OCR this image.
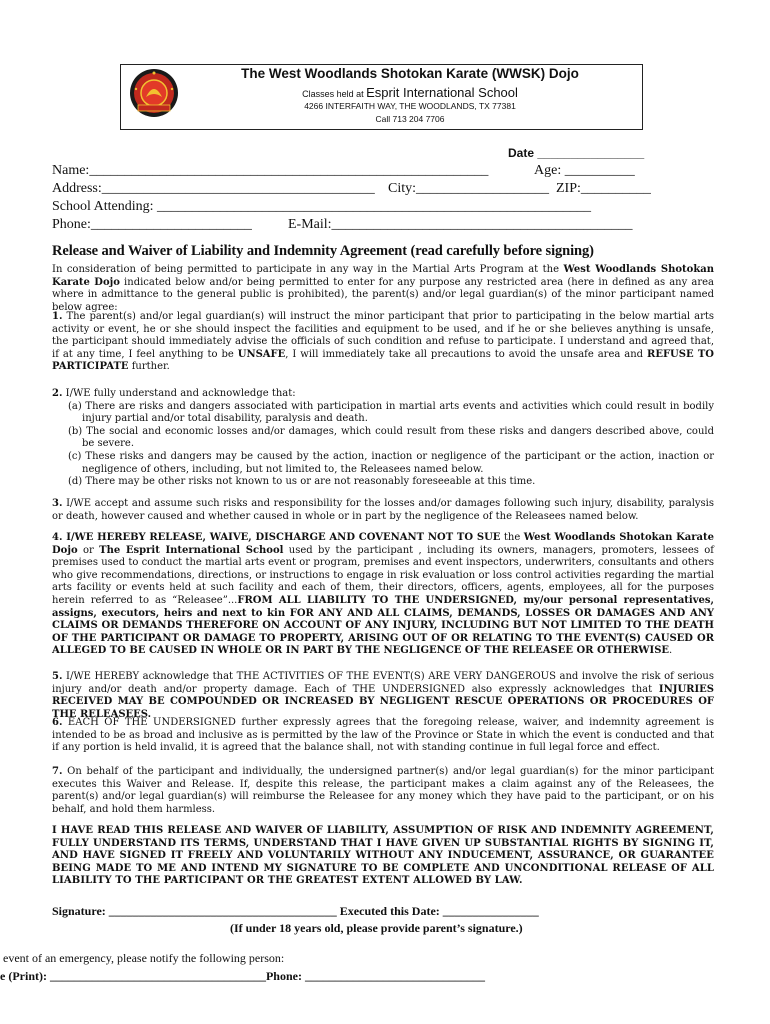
The West Woodlands Shotokan Karate (WWSK) Dojo
Classes held at Esprit International School
4266 INTERFAITH WAY, THE WOODLANDS, TX 77381
Call 713 204 7706
Date ________________
Name:_________________________________________________________	Age: __________
Address:_______________________________________ City:___________________ ZIP:__________
School Attending: ______________________________________________________________
Phone:_______________________	E-Mail:___________________________________________
Release and Waiver of Liability and Indemnity Agreement (read carefully before signing)
In consideration of being permitted to participate in any way in the Martial Arts Program at the West Woodlands Shotokan Karate Dojo indicated below and/or being permitted to enter for any purpose any restricted area (here in defined as any area where in admittance to the general public is prohibited), the parent(s) and/or legal guardian(s) of the minor participant named below agree:
1. The parent(s) and/or legal guardian(s) will instruct the minor participant that prior to participating in the below martial arts activity or event, he or she should inspect the facilities and equipment to be used, and if he or she believes anything is unsafe, the participant should immediately advise the officials of such condition and refuse to participate. I understand and agreed that, if at any time, I feel anything to be UNSAFE, I will immediately take all precautions to avoid the unsafe area and REFUSE TO PARTICIPATE further.
2. I/WE fully understand and acknowledge that:
(a) There are risks and dangers associated with participation in martial arts events and activities which could result in bodily injury partial and/or total disability, paralysis and death.
(b) The social and economic losses and/or damages, which could result from these risks and dangers described above, could be severe.
(c) These risks and dangers may be caused by the action, inaction or negligence of the participant or the action, inaction or negligence of others, including, but not limited to, the Releasees named below.
(d) There may be other risks not known to us or are not reasonably foreseeable at this time.
3. I/WE accept and assume such risks and responsibility for the losses and/or damages following such injury, disability, paralysis or death, however caused and whether caused in whole or in part by the negligence of the Releasees named below.
4. I/WE HEREBY RELEASE, WAIVE, DISCHARGE AND COVENANT NOT TO SUE the West Woodlands Shotokan Karate Dojo or The Esprit International School used by the participant , including its owners, managers, promoters, lessees of premises used to conduct the martial arts event or program, premises and event inspectors, underwriters, consultants and others who give recommendations, directions, or instructions to engage in risk evaluation or loss control activities regarding the martial arts facility or events held at such facility and each of them, their directors, officers, agents, employees, all for the purposes herein referred to as “Releasee”...FROM ALL LIABILITY TO THE UNDERSIGNED, my/our personal representatives, assigns, executors, heirs and next to kin FOR ANY AND ALL CLAIMS, DEMANDS, LOSSES OR DAMAGES AND ANY CLAIMS OR DEMANDS THEREFORE ON ACCOUNT OF ANY INJURY, INCLUDING BUT NOT LIMITED TO THE DEATH OF THE PARTICIPANT OR DAMAGE TO PROPERTY, ARISING OUT OF OR RELATING TO THE EVENT(S) CAUSED OR ALLEGED TO BE CAUSED IN WHOLE OR IN PART BY THE NEGLIGENCE OF THE RELEASEE OR OTHERWISE.
5. I/WE HEREBY acknowledge that THE ACTIVITIES OF THE EVENT(S) ARE VERY DANGEROUS and involve the risk of serious injury and/or death and/or property damage. Each of THE UNDERSIGNED also expressly acknowledges that INJURIES RECEIVED MAY BE COMPOUNDED OR INCREASED BY NEGLIGENT RESCUE OPERATIONS OR PROCEDURES OF THE RELEASEES.
6. EACH OF THE UNDERSIGNED further expressly agrees that the foregoing release, waiver, and indemnity agreement is intended to be as broad and inclusive as is permitted by the law of the Province or State in which the event is conducted and that if any portion is held invalid, it is agreed that the balance shall, not with standing continue in full legal force and effect.
7. On behalf of the participant and individually, the undersigned partner(s) and/or legal guardian(s) for the minor participant executes this Waiver and Release. If, despite this release, the participant makes a claim against any of the Releasees, the parent(s) and/or legal guardian(s) will reimburse the Releasee for any money which they have paid to the participant, or on his behalf, and hold them harmless.
I HAVE READ THIS RELEASE AND WAIVER OF LIABILITY, ASSUMPTION OF RISK AND INDEMNITY AGREEMENT, FULLY UNDERSTAND ITS TERMS, UNDERSTAND THAT I HAVE GIVEN UP SUBSTANTIAL RIGHTS BY SIGNING IT, AND HAVE SIGNED IT FREELY AND VOLUNTARILY WITHOUT ANY INDUCEMENT, ASSURANCE, OR GUARANTEE BEING MADE TO ME AND INTEND MY SIGNATURE TO BE COMPLETE AND UNCONDITIONAL RELEASE OF ALL LIABILITY TO THE PARTICIPANT OR THE GREATEST EXTENT ALLOWED BY LAW.
Signature: ______________________________________ Executed this Date: ________________
(If under 18 years old, please provide parent’s signature.)
event of an emergency, please notify the following person:
e (Print): ____________________________________Phone: ______________________________
